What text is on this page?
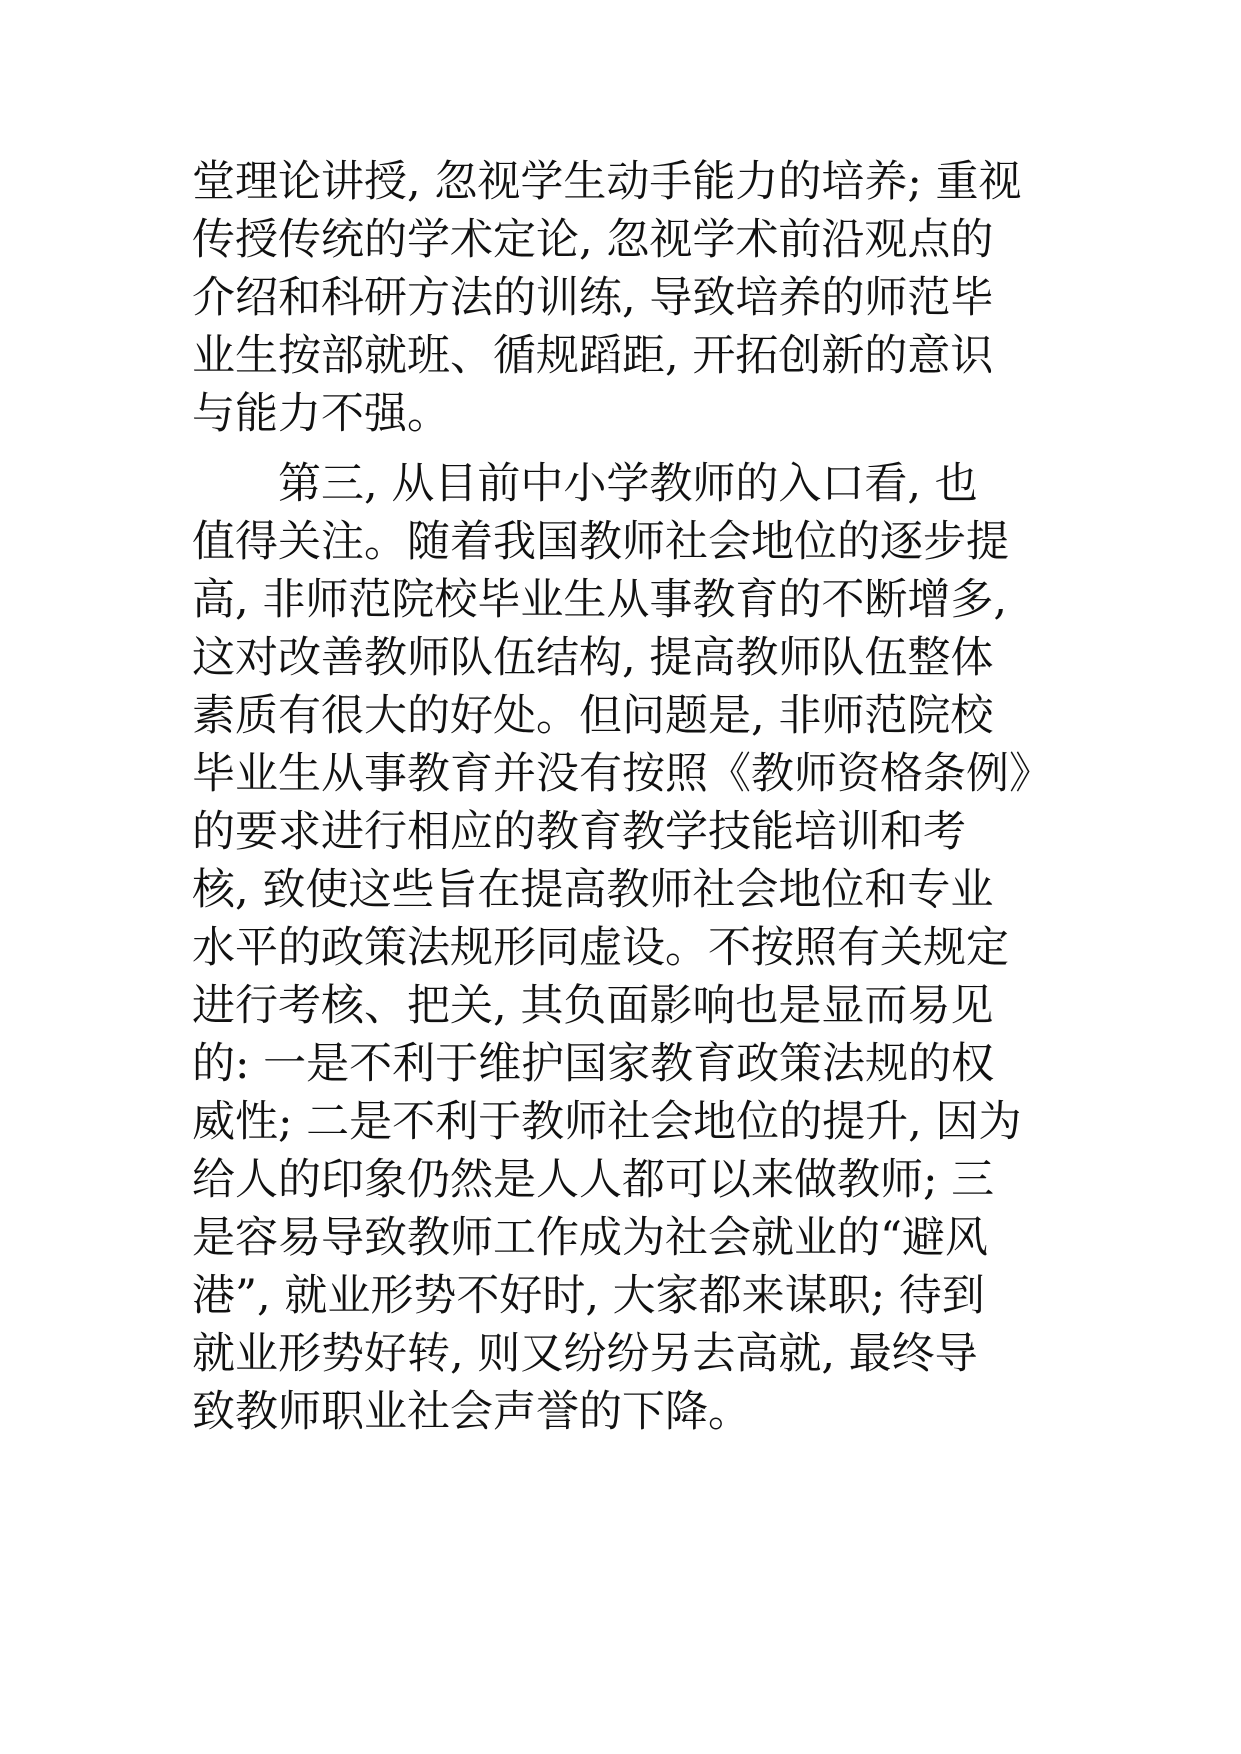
堂理论讲授, 忽视学生动手能力的培养; 重视
传授传统的学术定论, 忽视学术前沿观点的
介绍和科研方法的训练, 导致培养的师范毕
业生按部就班、循规蹈距, 开拓创新的意识
与能力不强。
第三, 从目前中小学教师的入口看, 也
值得关注。随着我国教师社会地位的逐步提
高, 非师范院校毕业生从事教育的不断增多,
这对改善教师队伍结构, 提高教师队伍整体
素质有很大的好处。但问题是, 非师范院校
毕业生从事教育并没有按照《教师资格条例》
的要求进行相应的教育教学技能培训和考
核, 致使这些旨在提高教师社会地位和专业
水平的政策法规形同虚设。不按照有关规定
进行考核、把关, 其负面影响也是显而易见
的: 一是不利于维护国家教育政策法规的权
威性; 二是不利于教师社会地位的提升, 因为
给人的印象仍然是人人都可以来做教师; 三
是容易导致教师工作成为社会就业的“避风
港”, 就业形势不好时, 大家都来谋职; 待到
就业形势好转, 则又纷纷另去高就, 最终导
致教师职业社会声誉的下降。
